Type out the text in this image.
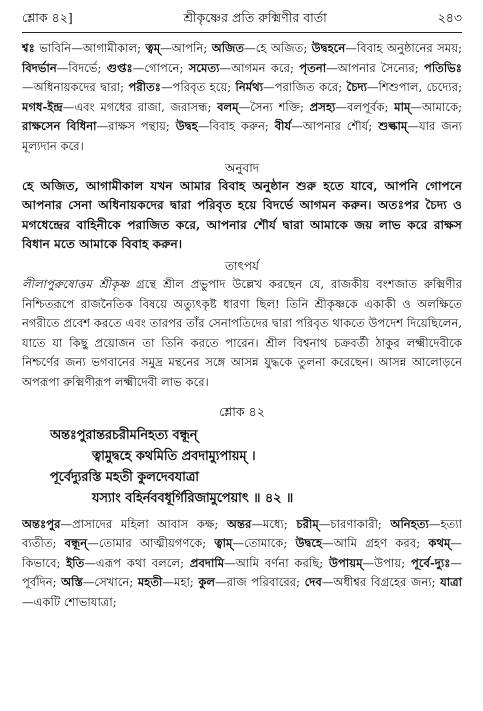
শ্লোক ৪২]	শ্রীকৃষ্ণের প্রতি রুক্মিণীর বার্তা	২৪৩

শ্বঃ ভাবিনি—আগামীকাল; ত্বম্—আপনি; অজিত—হে অজিত; উদ্বহনে—বিবাহ অনুষ্ঠানের সময়; বিদর্ভান—বিদর্ভে; গুপ্তঃ—গোপনে; সমেত্য—আগমন করে; পৃতনা—আপনার সৈন্যের; পতিভিঃ—অধিনায়কদের দ্বারা; পরীতঃ—পরিবৃত হয়ে; নির্মথ্য—পরাজিত করে; চৈদ্য—শিশুপাল, চেদ্যের; মগধ-ইন্দ্র—এবং মগধের রাজা, জরাসন্ধ; বলম্—সৈন্য শক্তি; প্রসহ্য—বলপূর্বক; মাম্—আমাকে; রাক্ষসেন বিধিনা—রাক্ষস পন্থায়; উদ্বহ—বিবাহ করুন; বীর্য—আপনার শৌর্য; শুল্কাম্—যার জন্য মূল্যদান করে।

অনুবাদ

হে অজিত, আগামীকাল যখন আমার বিবাহ অনুষ্ঠান শুরু হতে যাবে, আপনি গোপনে আপনার সেনা অধিনায়কদের দ্বারা পরিবৃত হয়ে বিদর্ভে আগমন করুন। অতঃপর চৈদ্য ও মগধেন্দ্রের বাহিনীকে পরাজিত করে, আপনার শৌর্য দ্বারা আমাকে জয় লাভ করে রাক্ষস বিধান মতে আমাকে বিবাহ করুন।

তাৎপর্য

লীলাপুরুষোত্তম শ্রীকৃষ্ণ গ্রন্থে শ্রীল প্রভুপাদ উল্লেখ করছেন যে, রাজকীয় বংশজাত রুক্মিণীর নিশ্চিতরূপে রাজনৈতিক বিষয়ে অত্যুৎকৃষ্ট ধারণা ছিল! তিনি শ্রীকৃষ্ণকে একাকী ও অলক্ষিতে নগরীতে প্রবেশ করতে এবং তারপর তাঁর সেনাপতিদের দ্বারা পরিবৃত থাকতে উপদেশ দিয়েছিলেন, যাতে যা কিছু প্রয়োজন তা তিনি করতে পারেন। শ্রীল বিশ্বনাথ চক্রবর্তী ঠাকুর লক্ষ্মীদেবীকে নিশ্চর্ণের জন্য ভগবানের সমুদ্র মন্থনের সঙ্গে আসন্ন যুদ্ধকে তুলনা করেছেন। আসন্ন আলোড়নে অপরূপা রুক্মিণীরূপ লক্ষ্মীদেবী লাভ করে।

শ্লোক ৪২
অন্তঃপুরান্তরচরীমনিহত্য বন্ধূন্
ত্বামুদ্বহে কথমিতি প্রবদাম্যুপায়ম্ ।
পূর্বেদ্যুরস্তি মহতী কুলদেবযাত্রা
যস্যাং বহির্নববধূর্গিরিজামুপেয়াৎ ॥ ৪২ ॥

অন্তঃপুর—প্রাসাদের মহিলা আবাস কক্ষ; অন্তর—মধ্যে; চরীম্—চারণাকারী; অনিহত্য—হত্যা ব্যতীত; বন্ধূন্—তোমার আত্মীয়গণকে; ত্বাম্—তোমাকে; উদ্বহে—আমি গ্রহণ করব; কথম্—কিভাবে; ইতি—এরূপ কথা বললে; প্রবদামি—আমি বর্ণনা করছি; উপায়ম্—উপায়; পূর্বে-দ্যুঃ—পূর্বদিন; অস্তি—সেখানে; মহতী—মহা; কুল—রাজ পরিবারের; দেব—অধীশ্বর বিগ্রহের জন্য; যাত্রা—একটি শোভাযাত্রা;
